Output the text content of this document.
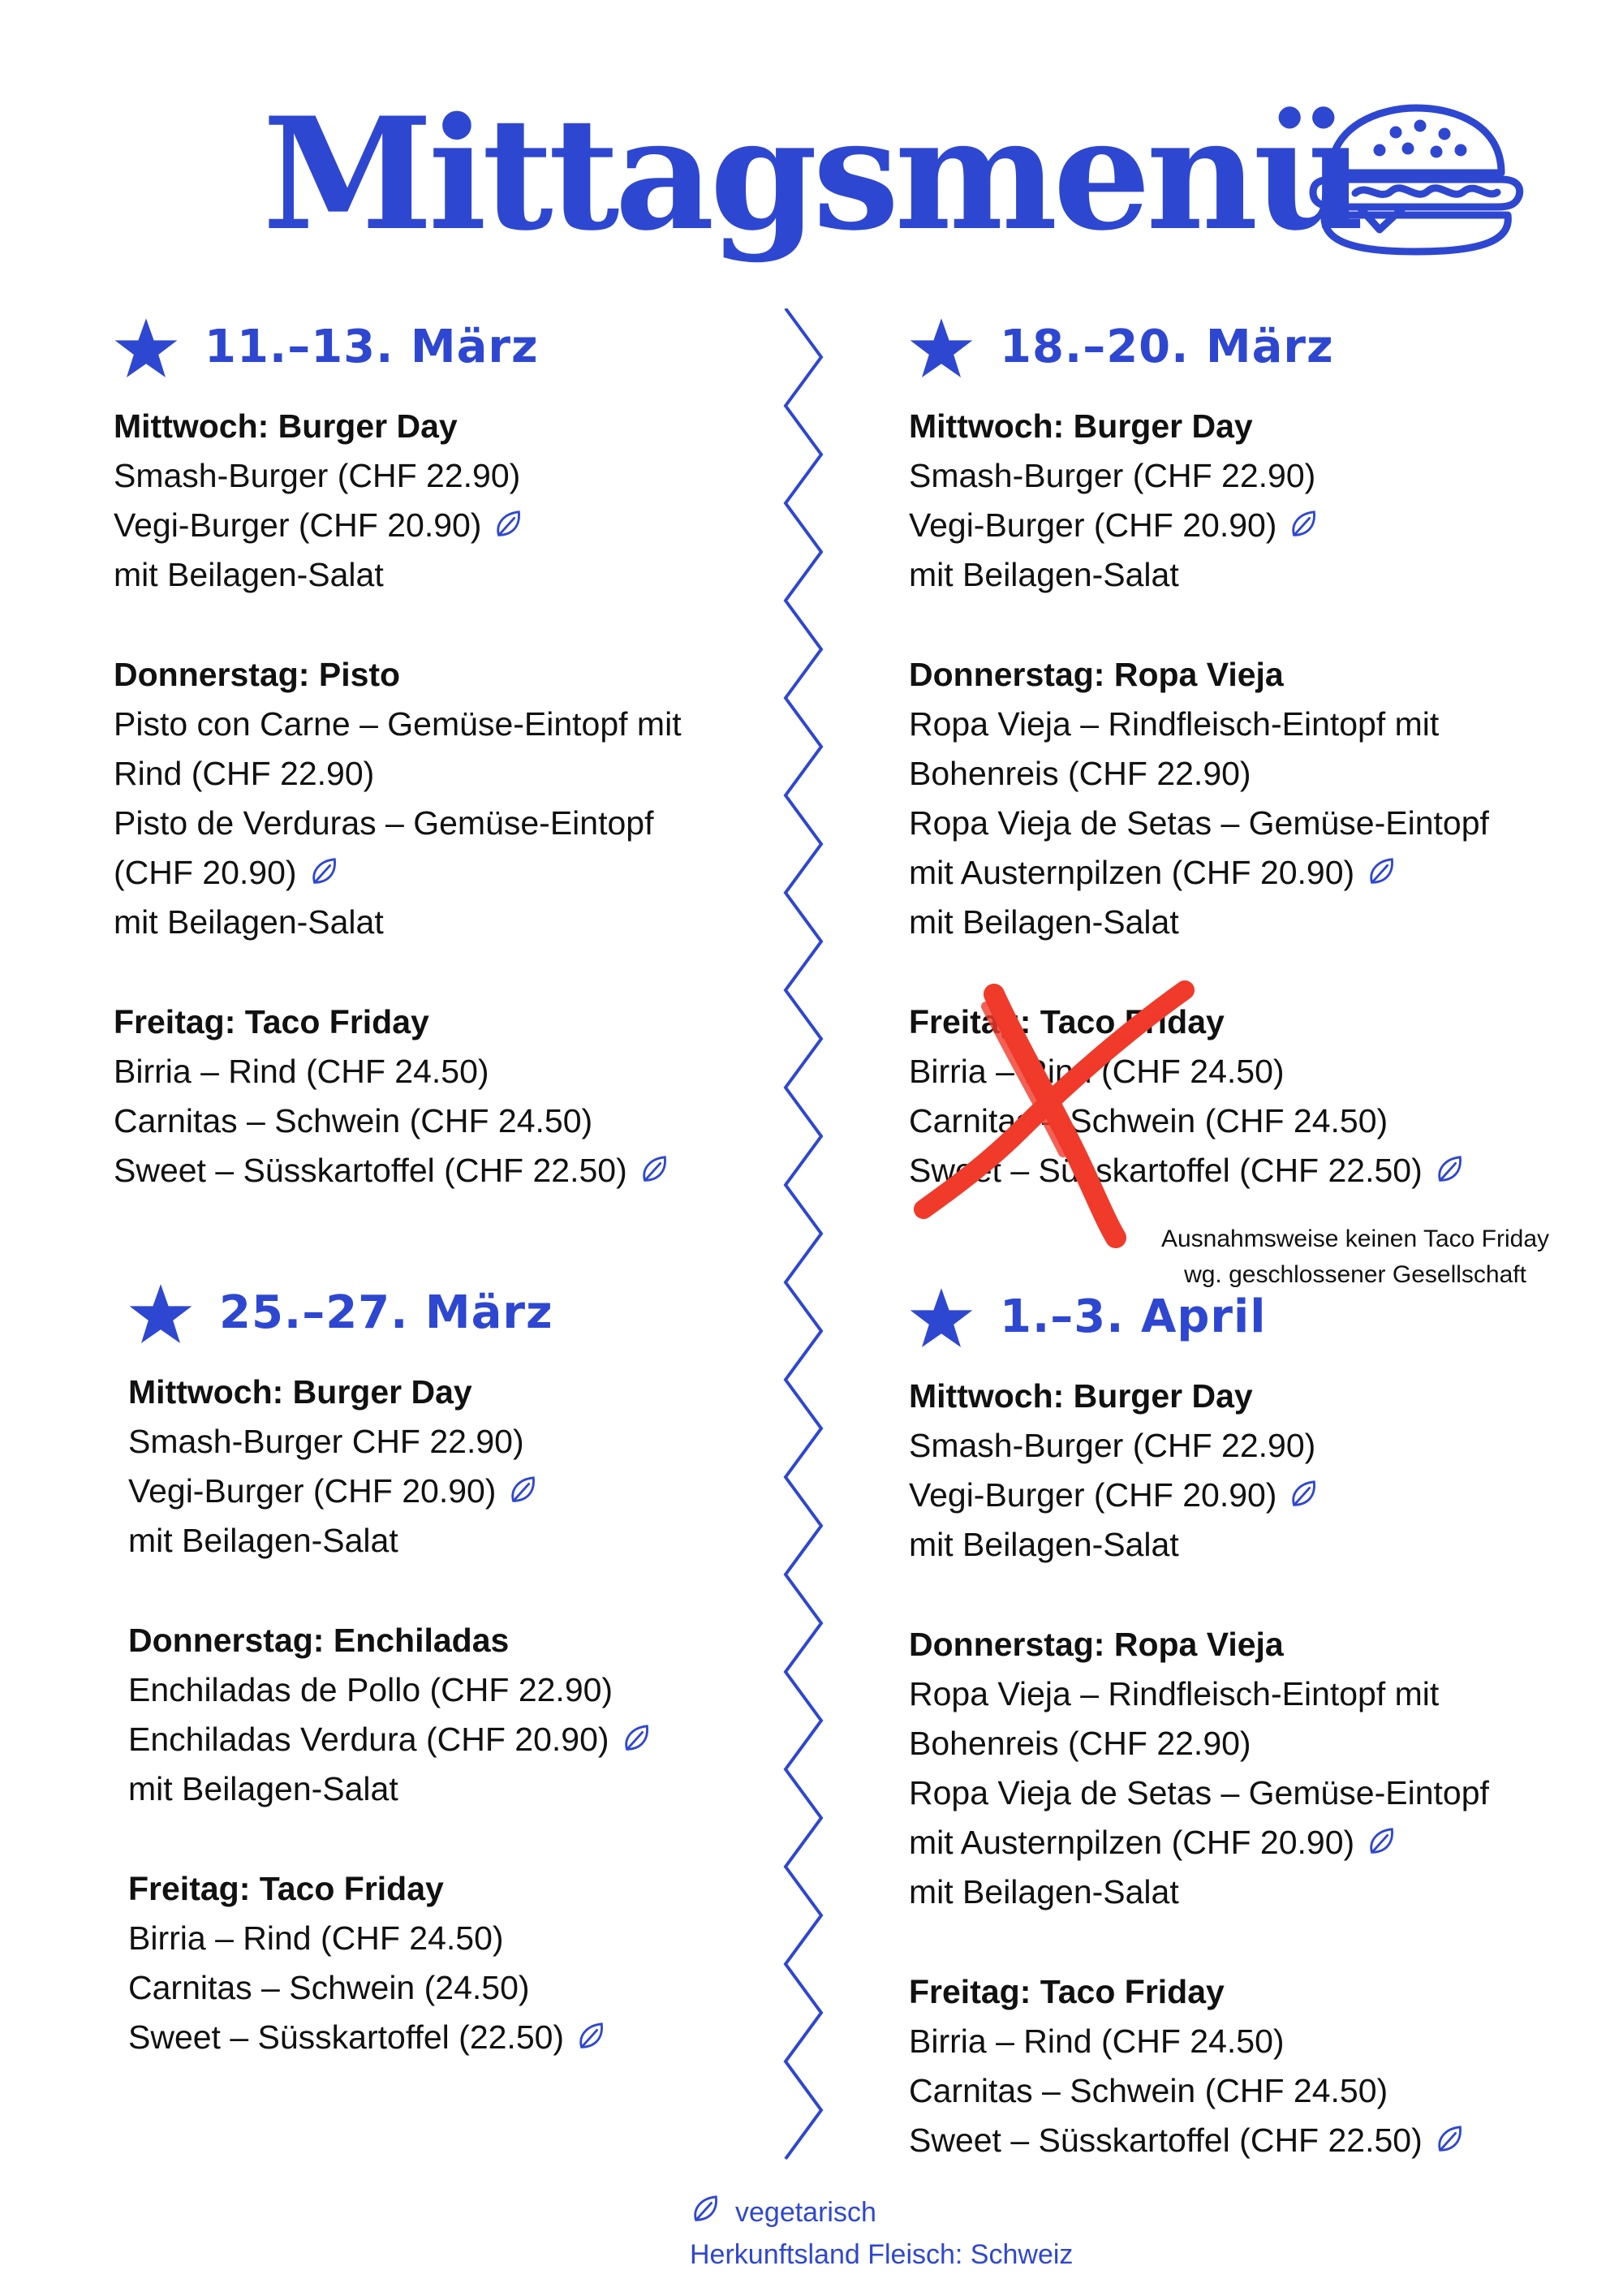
Mittagsmenü
11.–13. März
Mittwoch: Burger Day
Smash-Burger (CHF 22.90)
Vegi-Burger (CHF 20.90)
mit Beilagen-Salat
Donnerstag: Pisto
Pisto con Carne – Gemüse-Eintopf mit
Rind (CHF 22.90)
Pisto de Verduras – Gemüse-Eintopf
(CHF 20.90)
mit Beilagen-Salat
Freitag: Taco Friday
Birria – Rind (CHF 24.50)
Carnitas – Schwein (CHF 24.50)
Sweet – Süsskartoffel (CHF 22.50)
18.–20. März
Mittwoch: Burger Day
Smash-Burger (CHF 22.90)
Vegi-Burger (CHF 20.90)
mit Beilagen-Salat
Donnerstag: Ropa Vieja
Ropa Vieja – Rindfleisch-Eintopf mit
Bohenreis (CHF 22.90)
Ropa Vieja de Setas – Gemüse-Eintopf
mit Austernpilzen (CHF 20.90)
mit Beilagen-Salat
Freitag: Taco Friday
Birria – Rind (CHF 24.50)
Carnitas – Schwein (CHF 24.50)
Sweet – Süsskartoffel (CHF 22.50)
25.–27. März
Mittwoch: Burger Day
Smash-Burger CHF 22.90)
Vegi-Burger (CHF 20.90)
mit Beilagen-Salat
Donnerstag: Enchiladas
Enchiladas de Pollo (CHF 22.90)
Enchiladas Verdura (CHF 20.90)
mit Beilagen-Salat
Freitag: Taco Friday
Birria – Rind (CHF 24.50)
Carnitas – Schwein (24.50)
Sweet – Süsskartoffel (22.50)
1.–3. April
Mittwoch: Burger Day
Smash-Burger (CHF 22.90)
Vegi-Burger (CHF 20.90)
mit Beilagen-Salat
Donnerstag: Ropa Vieja
Ropa Vieja – Rindfleisch-Eintopf mit
Bohenreis (CHF 22.90)
Ropa Vieja de Setas – Gemüse-Eintopf
mit Austernpilzen (CHF 20.90)
mit Beilagen-Salat
Freitag: Taco Friday
Birria – Rind (CHF 24.50)
Carnitas – Schwein (CHF 24.50)
Sweet – Süsskartoffel (CHF 22.50)
Ausnahmsweise keinen Taco Friday
wg. geschlossener Gesellschaft
vegetarisch
Herkunftsland Fleisch: Schweiz
